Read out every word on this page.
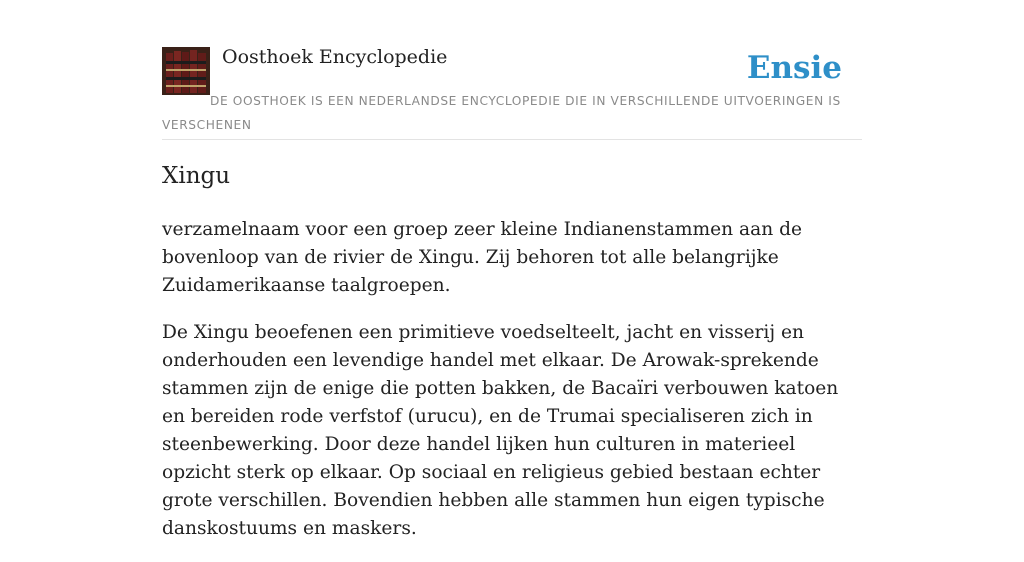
Oosthoek Encyclopedie	Ensie
DE OOSTHOEK IS EEN NEDERLANDSE ENCYCLOPEDIE DIE IN VERSCHILLENDE UITVOERINGEN IS VERSCHENEN
Xingu

verzamelnaam voor een groep zeer kleine Indianenstammen aan de bovenloop van de rivier de Xingu. Zij behoren tot alle belangrijke Zuidamerikaanse taalgroepen.

De Xingu beoefenen een primitieve voedselteelt, jacht en visserij en onderhouden een levendige handel met elkaar. De Arowak-sprekende stammen zijn de enige die potten bakken, de Bacaïri verbouwen katoen en bereiden rode verfstof (urucu), en de Trumai specialiseren zich in steenbewerking. Door deze handel lijken hun culturen in materieel opzicht sterk op elkaar. Op sociaal en religieus gebied bestaan echter grote verschillen. Bovendien hebben alle stammen hun eigen typische danskostuums en maskers.
